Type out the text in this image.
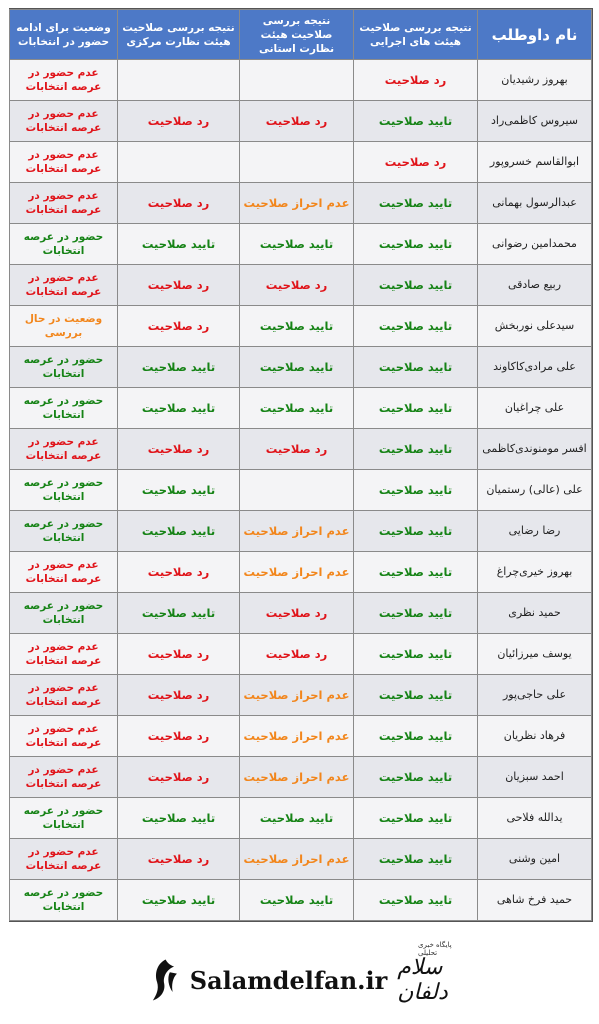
نام داوطلب	نتیجه بررسی صلاحیت هیئت های اجرایی	نتیجه بررسی صلاحیت هیئت نظارت استانی	نتیجه بررسی صلاحیت هیئت نظارت مرکزی	وضعیت برای ادامه حضور در انتخابات
بهروز رشیدیان	رد صلاحیت			عدم حضور در عرصه انتخابات
سیروس کاظمی‌راد	تایید صلاحیت	رد صلاحیت	رد صلاحیت	عدم حضور در عرصه انتخابات
ابوالقاسم خسروپور	رد صلاحیت			عدم حضور در عرصه انتخابات
عبدالرسول بهمانی	تایید صلاحیت	عدم احراز صلاحیت	رد صلاحیت	عدم حضور در عرصه انتخابات
محمدامین رضوانی	تایید صلاحیت	تایید صلاحیت	تایید صلاحیت	حضور در عرصه انتخابات
ربیع صادقی	تایید صلاحیت	رد صلاحیت	رد صلاحیت	عدم حضور در عرصه انتخابات
سیدعلی نوربخش	تایید صلاحیت	تایید صلاحیت	رد صلاحیت	وضعیت در حال بررسی
علی مرادی‌کاکاوند	تایید صلاحیت	تایید صلاحیت	تایید صلاحیت	حضور در عرصه انتخابات
علی چراغیان	تایید صلاحیت	تایید صلاحیت	تایید صلاحیت	حضور در عرصه انتخابات
افسر مومنوندی‌کاظمی	تایید صلاحیت	رد صلاحیت	رد صلاحیت	عدم حضور در عرصه انتخابات
علی (عالی) رستمیان	تایید صلاحیت		تایید صلاحیت	حضور در عرصه انتخابات
رضا رضایی	تایید صلاحیت	عدم احراز صلاحیت	تایید صلاحیت	حضور در عرصه انتخابات
بهروز خیری‌چراغ	تایید صلاحیت	عدم احراز صلاحیت	رد صلاحیت	عدم حضور در عرصه انتخابات
حمید نظری	تایید صلاحیت	رد صلاحیت	تایید صلاحیت	حضور در عرصه انتخابات
یوسف میرزائیان	تایید صلاحیت	رد صلاحیت	رد صلاحیت	عدم حضور در عرصه انتخابات
علی حاجی‌پور	تایید صلاحیت	عدم احراز صلاحیت	رد صلاحیت	عدم حضور در عرصه انتخابات
فرهاد نظریان	تایید صلاحیت	عدم احراز صلاحیت	رد صلاحیت	عدم حضور در عرصه انتخابات
احمد سبزیان	تایید صلاحیت	عدم احراز صلاحیت	رد صلاحیت	عدم حضور در عرصه انتخابات
یدالله فلاحی	تایید صلاحیت	تایید صلاحیت	تایید صلاحیت	حضور در عرصه انتخابات
امین وشنی	تایید صلاحیت	عدم احراز صلاحیت	رد صلاحیت	عدم حضور در عرصه انتخابات
حمید فرخ شاهی	تایید صلاحیت	تایید صلاحیت	تایید صلاحیت	حضور در عرصه انتخابات
Salamdelfan.ir سلام دلفان
پایگاه خبری تحلیلی
